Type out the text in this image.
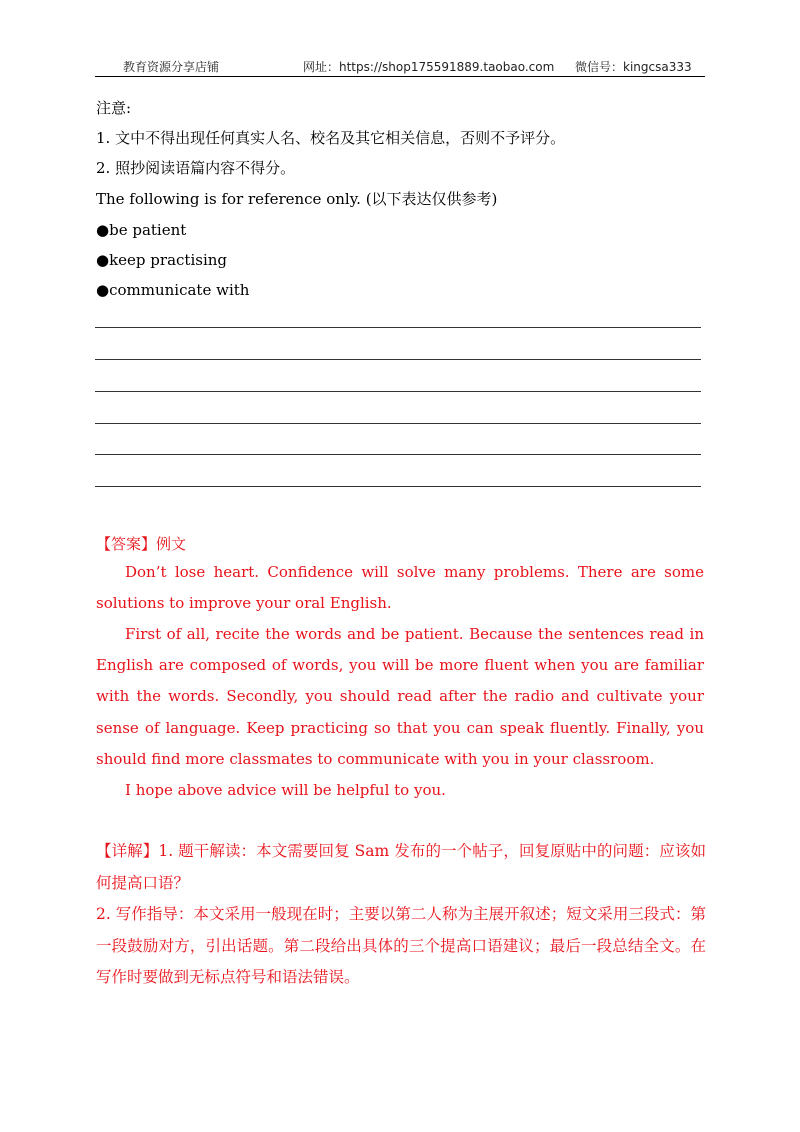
教育资源分享店铺	网址：https://shop175591889.taobao.com 微信号：kingcsa333
注意:
1. 文中不得出现任何真实人名、校名及其它相关信息，否则不予评分。
2. 照抄阅读语篇内容不得分。
The following is for reference only. (以下表达仅供参考)
●be patient
●keep practising
●communicate with
【答案】例文
Don’t lose heart. Confidence will solve many problems. There are some solutions to improve your oral English.
First of all, recite the words and be patient. Because the sentences read in English are composed of words, you will be more fluent when you are familiar with the words. Secondly, you should read after the radio and cultivate your sense of language. Keep practicing so that you can speak fluently. Finally, you should find more classmates to communicate with you in your classroom.
I hope above advice will be helpful to you.
【详解】1. 题干解读：本文需要回复 Sam 发布的一个帖子，回复原贴中的问题：应该如何提高口语？
2. 写作指导：本文采用一般现在时；主要以第二人称为主展开叙述；短文采用三段式：第一段鼓励对方，引出话题。第二段给出具体的三个提高口语建议；最后一段总结全文。在写作时要做到无标点符号和语法错误。
